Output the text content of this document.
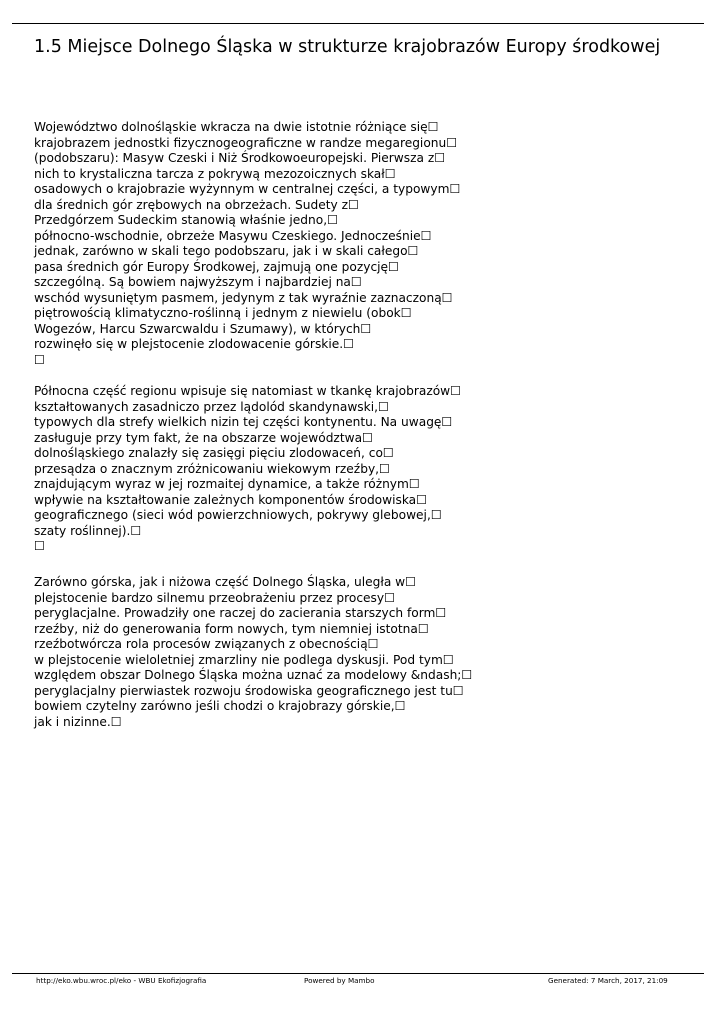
1.5 Miejsce Dolnego Śląska w strukturze krajobrazów Europy środkowej
Województwo dolnośląskie wkracza na dwie istotnie różniące się☐
krajobrazem jednostki fizycznogeograficzne w randze megaregionu☐
(podobszaru): Masyw Czeski i Niż Środkowoeuropejski. Pierwsza z☐
nich to krystaliczna tarcza z pokrywą mezozoicznych skał☐
osadowych o krajobrazie wyżynnym w centralnej części, a typowym☐
dla średnich gór zrębowych na obrzeżach. Sudety z☐
Przedgórzem Sudeckim stanowią właśnie jedno,☐
północno-wschodnie, obrzeże Masywu Czeskiego. Jednocześnie☐
jednak, zarówno w skali tego podobszaru, jak i w skali całego☐
pasa średnich gór Europy Środkowej, zajmują one pozycję☐
szczególną. Są bowiem najwyższym i najbardziej na☐
wschód wysuniętym pasmem, jedynym z tak wyraźnie zaznaczoną☐
piętrowością klimatyczno-roślinną i jednym z niewielu (obok☐
Wogezów, Harcu Szwarcwaldu i Szumawy), w których☐
rozwinęło się w plejstocenie zlodowacenie górskie.☐
☐
Północna część regionu wpisuje się natomiast w tkankę krajobrazów☐
kształtowanych zasadniczo przez lądolód skandynawski,☐
typowych dla strefy wielkich nizin tej części kontynentu. Na uwagę☐
zasługuje przy tym fakt, że na obszarze województwa☐
dolnośląskiego znalazły się zasięgi pięciu zlodowaceń, co☐
przesądza o znacznym zróżnicowaniu wiekowym rzeźby,☐
znajdującym wyraz w jej rozmaitej dynamice, a także różnym☐
wpływie na kształtowanie zależnych komponentów środowiska☐
geograficznego (sieci wód powierzchniowych, pokrywy glebowej,☐
szaty roślinnej).☐
☐
Zarówno górska, jak i niżowa część Dolnego Śląska, uległa w☐
plejstocenie bardzo silnemu przeobrażeniu przez procesy☐
peryglacjalne. Prowadziły one raczej do zacierania starszych form☐
rzeźby, niż do generowania form nowych, tym niemniej istotna☐
rzeźbotwórcza rola procesów związanych z obecnością☐
w plejstocenie wieloletniej zmarzliny nie podlega dyskusji. Pod tym☐
względem obszar Dolnego Śląska można uznać za modelowy &ndash;☐
peryglacjalny pierwiastek rozwoju środowiska geograficznego jest tu☐
bowiem czytelny zarówno jeśli chodzi o krajobrazy górskie,☐
jak i nizinne.☐
http://eko.wbu.wroc.pl/eko - WBU Ekofizjografia	Powered by Mambo	Generated: 7 March, 2017, 21:09
